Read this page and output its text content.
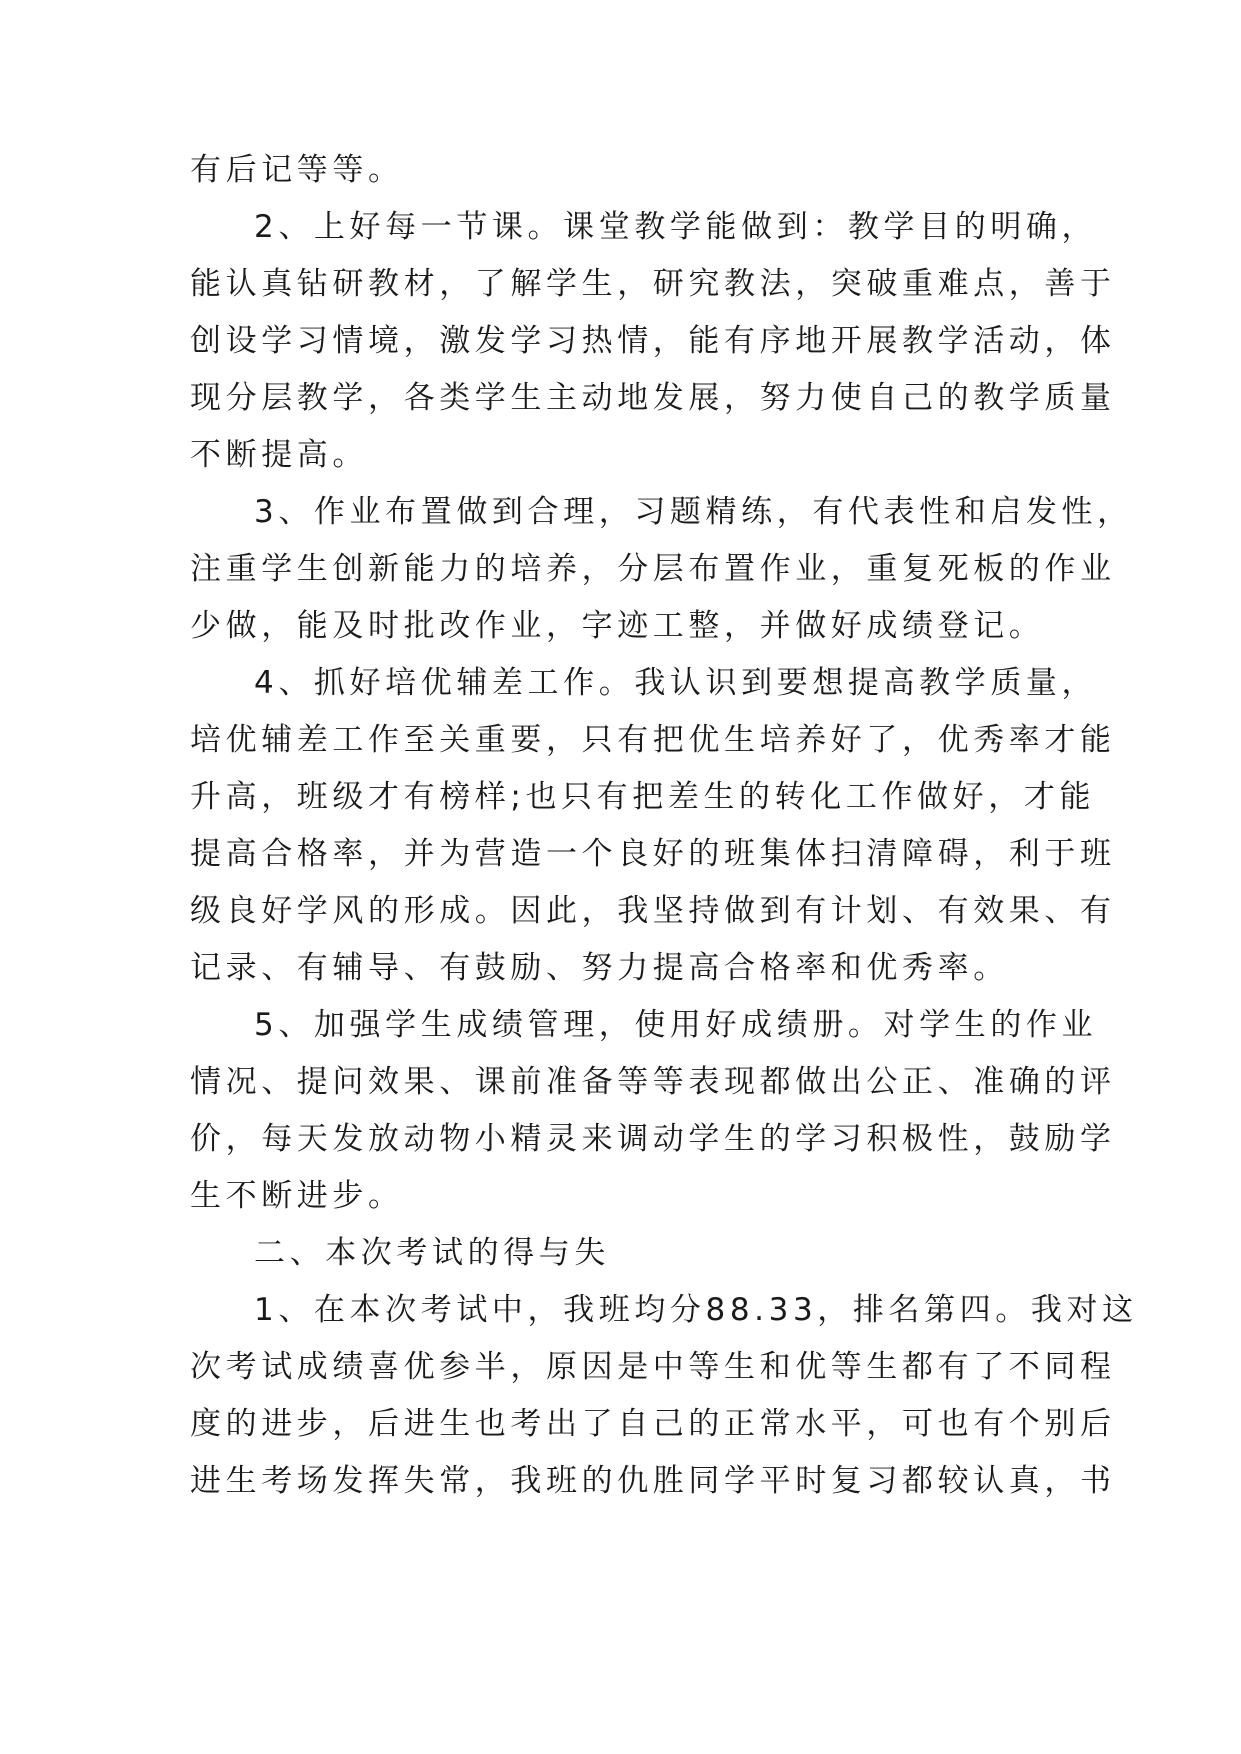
有后记等等。
2、上好每一节课。课堂教学能做到：教学目的明确，
能认真钻研教材，了解学生，研究教法，突破重难点，善于
创设学习情境，激发学习热情，能有序地开展教学活动，体
现分层教学，各类学生主动地发展，努力使自己的教学质量
不断提高。
3、作业布置做到合理，习题精练，有代表性和启发性，
注重学生创新能力的培养，分层布置作业，重复死板的作业
少做，能及时批改作业，字迹工整，并做好成绩登记。
4、抓好培优辅差工作。我认识到要想提高教学质量，
培优辅差工作至关重要，只有把优生培养好了，优秀率才能
升高，班级才有榜样;也只有把差生的转化工作做好，才能
提高合格率，并为营造一个良好的班集体扫清障碍，利于班
级良好学风的形成。因此，我坚持做到有计划、有效果、有
记录、有辅导、有鼓励、努力提高合格率和优秀率。
5、加强学生成绩管理，使用好成绩册。对学生的作业
情况、提问效果、课前准备等等表现都做出公正、准确的评
价，每天发放动物小精灵来调动学生的学习积极性，鼓励学
生不断进步。
二、本次考试的得与失
1、在本次考试中，我班均分88.33，排名第四。我对这
次考试成绩喜优参半，原因是中等生和优等生都有了不同程
度的进步，后进生也考出了自己的正常水平，可也有个别后
进生考场发挥失常，我班的仇胜同学平时复习都较认真，书
